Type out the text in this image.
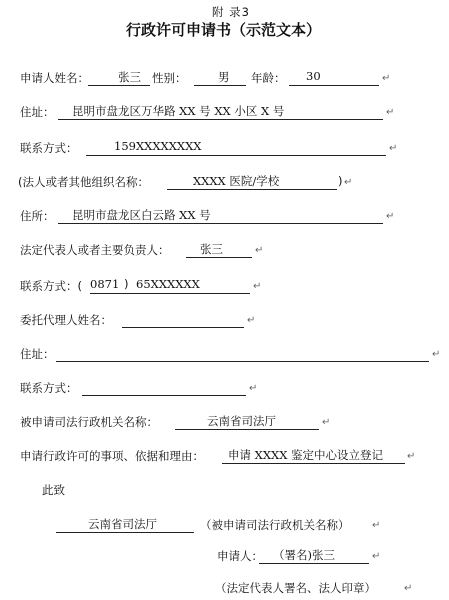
附 录3
行政许可申请书（示范文本）
申请人姓名：	张三 性别：	男 年龄： 30	↵
住址： 昆明市盘龙区万华路 XX 号 XX 小区 X 号	↵
联系方式：	159XXXXXXXX	↵
(法人或者其他组织名称：	XXXX 医院/学校	) ↵
住所： 昆明市盘龙区白云路 XX 号	↵
法定代表人或者主要负责人：	张三	↵
联系方式：( 0871 ) 65XXXXXX	↵
委托代理人姓名：	↵
住址：	↵
联系方式：	↵
被申请司法行政机关名称：	云南省司法厅	↵
申请行政许可的事项、依据和理由： 申请 XXXX 鉴定中心设立登记 ↵
此致
云南省司法厅	（被申请司法行政机关名称） ↵
申请人： （署名)张三	↵
（法定代表人署名、法人印章）	↵
